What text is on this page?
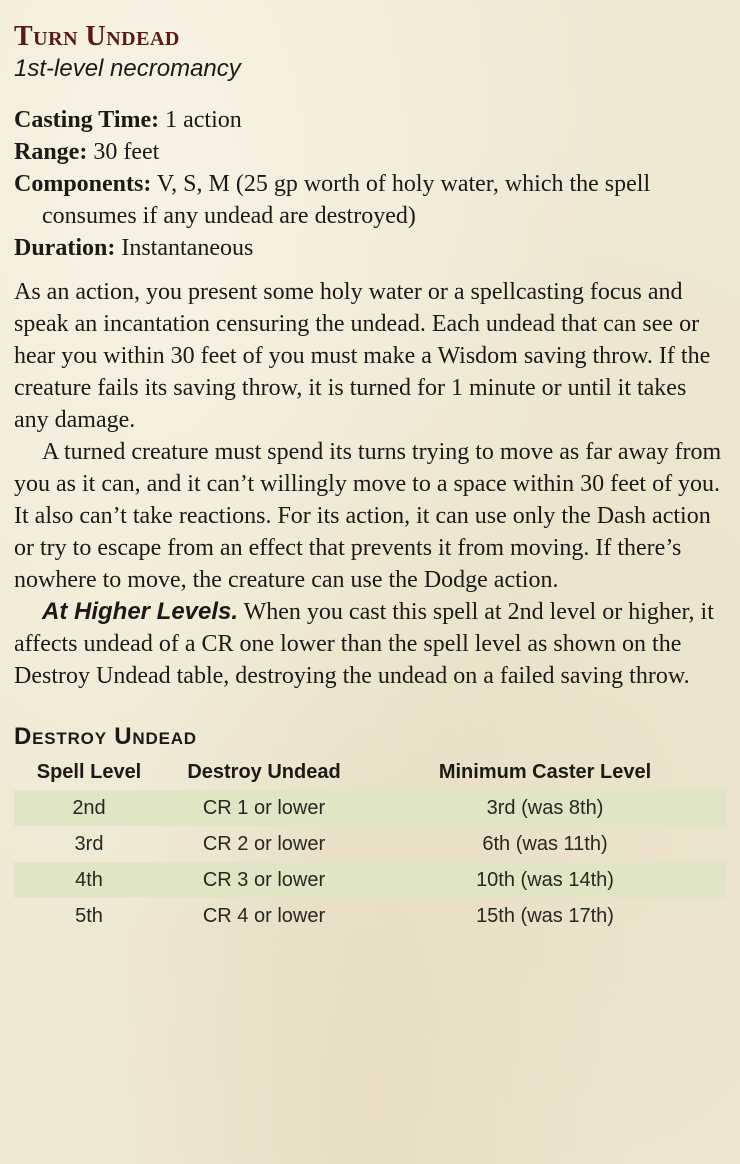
Turn Undead
1st-level necromancy

Casting Time: 1 action

Range: 30 feet

Components: V, S, M (25 gp worth of holy water, which the spell consumes if any undead are destroyed)

Duration: Instantaneous

As an action, you present some holy water or a spellcasting focus and speak an incantation censuring the undead. Each undead that can see or hear you within 30 feet of you must make a Wisdom saving throw. If the creature fails its saving throw, it is turned for 1 minute or until it takes any damage.

A turned creature must spend its turns trying to move as far away from you as it can, and it can’t willingly move to a space within 30 feet of you. It also can’t take reactions. For its action, it can use only the Dash action or try to escape from an effect that prevents it from moving. If there’s nowhere to move, the creature can use the Dodge action.

At Higher Levels. When you cast this spell at 2nd level or higher, it affects undead of a CR one lower than the spell level as shown on the Destroy Undead table, destroying the undead on a failed saving throw.

Destroy Undead
Spell Level	Destroy Undead	Minimum Caster Level
2nd	CR 1 or lower	3rd (was 8th)
3rd	CR 2 or lower	6th (was 11th)
4th	CR 3 or lower	10th (was 14th)
5th	CR 4 or lower	15th (was 17th)
